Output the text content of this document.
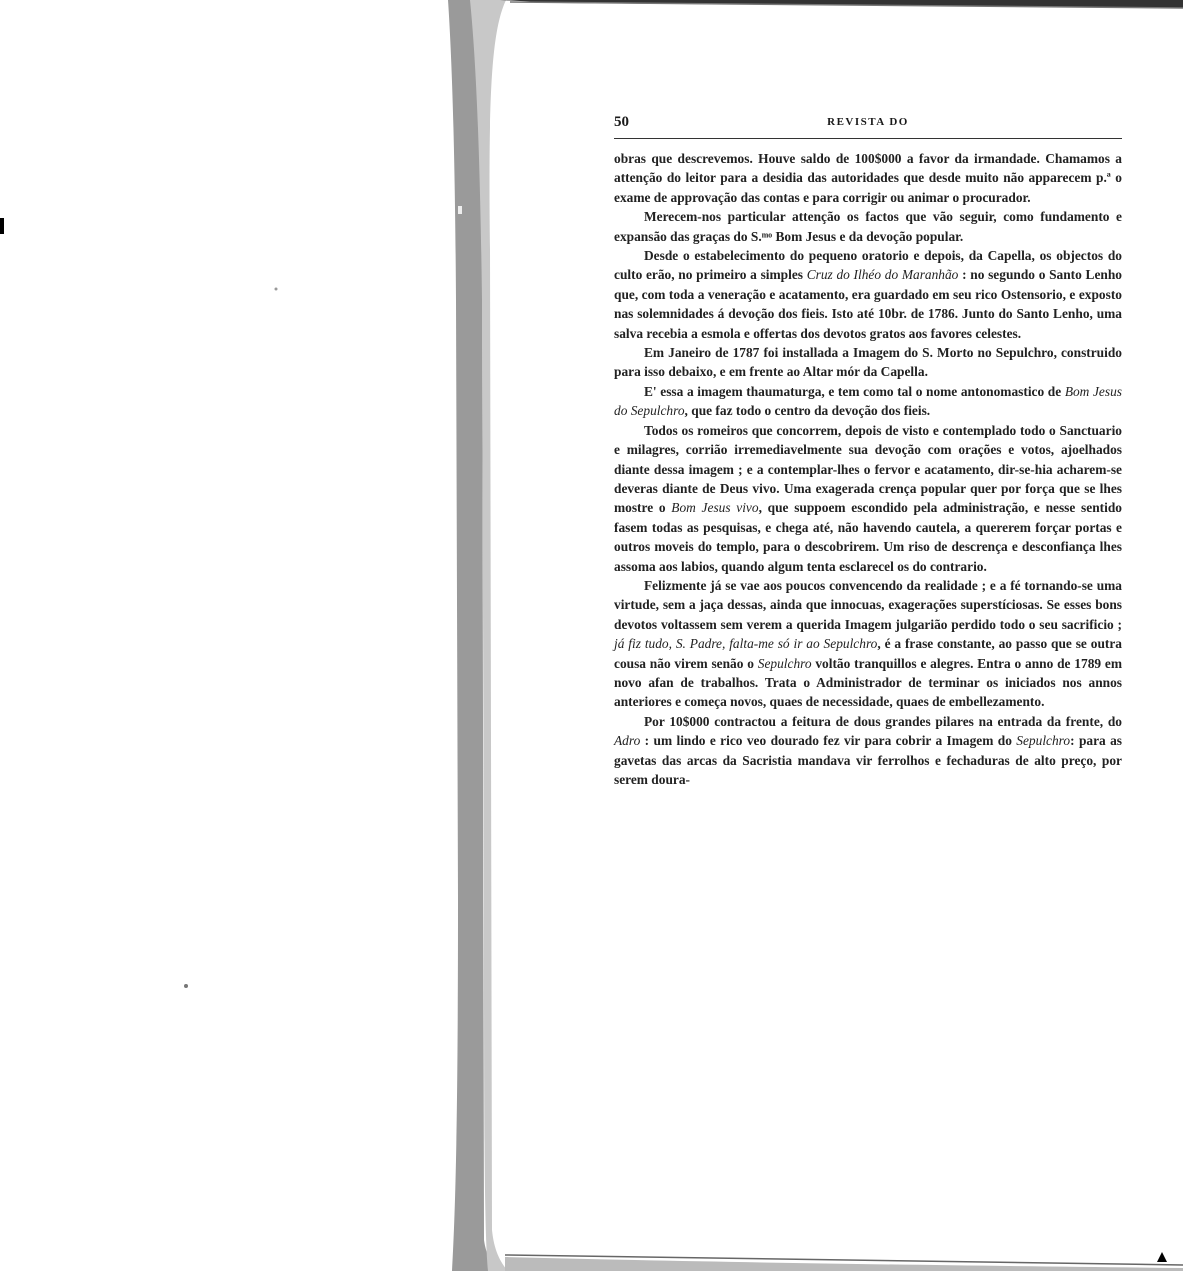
50	REVISTA DO

obras que descrevemos. Houve saldo de 100$000 a favor da irmandade. Chamamos a attenção do leitor para a desidia das autoridades que desde muito não apparecem p.ª o exame de approvação das contas e para corrigir ou animar o procurador.

Merecem-nos particular attenção os factos que vão seguir, como fundamento e expansão das graças do S.ᵐᵒ Bom Jesus e da devoção popular.

Desde o estabelecimento do pequeno oratorio e depois, da Capella, os objectos do culto erão, no primeiro a simples Cruz do Ilhéo do Maranhão : no segundo o Santo Lenho que, com toda a veneração e acatamento, era guardado em seu rico Ostensorio, e exposto nas solemnidades á devoção dos fieis. Isto até 10br. de 1786. Junto do Santo Lenho, uma salva recebia a esmola e offertas dos devotos gratos aos favores celestes.

Em Janeiro de 1787 foi installada a Imagem do S. Morto no Sepulchro, construido para isso debaixo, e em frente ao Altar mór da Capella.

E' essa a imagem thaumaturga, e tem como tal o nome antonomastico de Bom Jesus do Sepulchro, que faz todo o centro da devoção dos fieis.

Todos os romeiros que concorrem, depois de visto e contemplado todo o Sanctuario e milagres, corrião irremediavelmente sua devoção com orações e votos, ajoelhados diante dessa imagem ; e a contemplar-lhes o fervor e acatamento, dir-se-hia acharem-se deveras diante de Deus vivo. Uma exagerada crença popular quer por força que se lhes mostre o Bom Jesus vivo, que suppoem escondido pela administração, e nesse sentido fasem todas as pesquisas, e chega até, não havendo cautela, a quererem forçar portas e outros moveis do templo, para o descobrirem. Um riso de descrença e desconfiança lhes assoma aos labios, quando algum tenta esclarecel os do contrario.

Felizmente já se vae aos poucos convencendo da realidade ; e a fé tornando-se uma virtude, sem a jaça dessas, ainda que innocuas, exagerações superstíciosas. Se esses bons devotos voltassem sem verem a querida Imagem julgarião perdido todo o seu sacrificio ; já fiz tudo, S. Padre, falta-me só ir ao Sepulchro, é a frase constante, ao passo que se outra cousa não virem senão o Sepulchro voltão tranquillos e alegres. Entra o anno de 1789 em novo afan de trabalhos. Trata o Administrador de terminar os iniciados nos annos anteriores e começa novos, quaes de necessidade, quaes de embellezamento.

Por 10$000 contractou a feitura de dous grandes pilares na entrada da frente, do Adro : um lindo e rico veo dourado fez vir para cobrir a Imagem do Sepulchro: para as gavetas das arcas da Sacristia mandava vir ferrolhos e fechaduras de alto preço, por serem doura-
